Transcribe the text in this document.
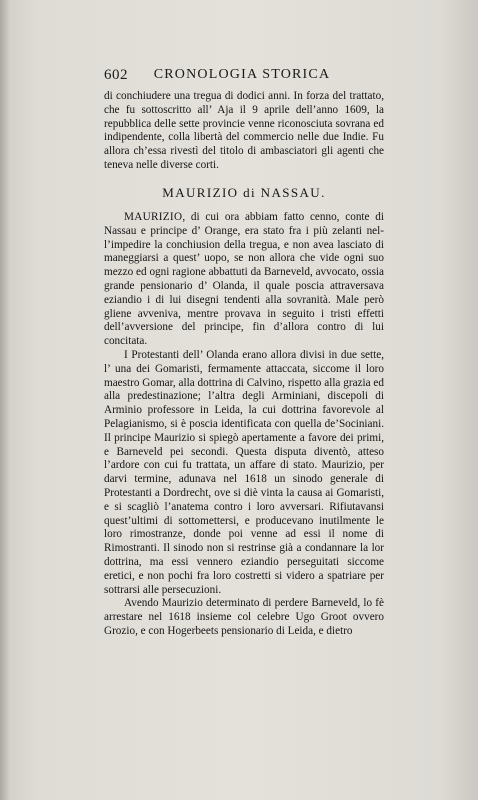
602	CRONOLOGIA STORICA

di conchiudere una tregua di dodici anni. In forza del trattato, che fu sottoscritto all’ Aja il 9 aprile dell’anno 1609, la repubblica delle sette provincie venne riconosciuta sovrana ed indipendente, colla libertà del commercio nelle due Indie. Fu allora ch’essa rivestì del titolo di ambasciatori gli agenti che teneva nelle diverse corti.

MAURIZIO di NASSAU.

MAURIZIO, di cui ora abbiam fatto cenno, conte di Nassau e principe d’ Orange, era stato fra i più zelanti nel-l’impedire la conchiusion della tregua, e non avea lasciato di maneggiarsi a quest’ uopo, se non allora che vide ogni suo mezzo ed ogni ragione abbattuti da Barneveld, avvocato, ossia grande pensionario d’ Olanda, il quale poscia attraversava eziandio i di lui disegni tendenti alla sovranità. Male però gliene avveniva, mentre provava in seguito i tristi effetti dell’avversione del principe, fin d’allora contro di lui concitata.

I Protestanti dell’ Olanda erano allora divisi in due sette, l’ una dei Gomaristi, fermamente attaccata, siccome il loro maestro Gomar, alla dottrina di Calvino, rispetto alla grazia ed alla predestinazione; l’altra degli Arminiani, discepoli di Arminio professore in Leida, la cui dottrina favorevole al Pelagianismo, si è poscia identificata con quella de’Sociniani. Il principe Maurizio si spiegò apertamente a favore dei primi, e Barneveld pei secondi. Questa disputa diventò, atteso l’ardore con cui fu trattata, un affare di stato. Maurizio, per darvi termine, adunava nel 1618 un sinodo generale di Protestanti a Dordrecht, ove si diè vinta la causa ai Gomaristi, e si scagliò l’anatema contro i loro avversari. Rifiutavansi quest’ultimi di sottomettersi, e producevano inutilmente le loro rimostranze, donde poi venne ad essi il nome di Rimostranti. Il sinodo non si restrinse già a condannare la lor dottrina, ma essi vennero eziandio perseguitati siccome eretici, e non pochi fra loro costretti si videro a spatriare per sottrarsi alle persecuzioni.

Avendo Maurizio determinato di perdere Barneveld, lo fè arrestare nel 1618 insieme col celebre Ugo Groot ovvero Grozio, e con Hogerbeets pensionario di Leida, e dietro
